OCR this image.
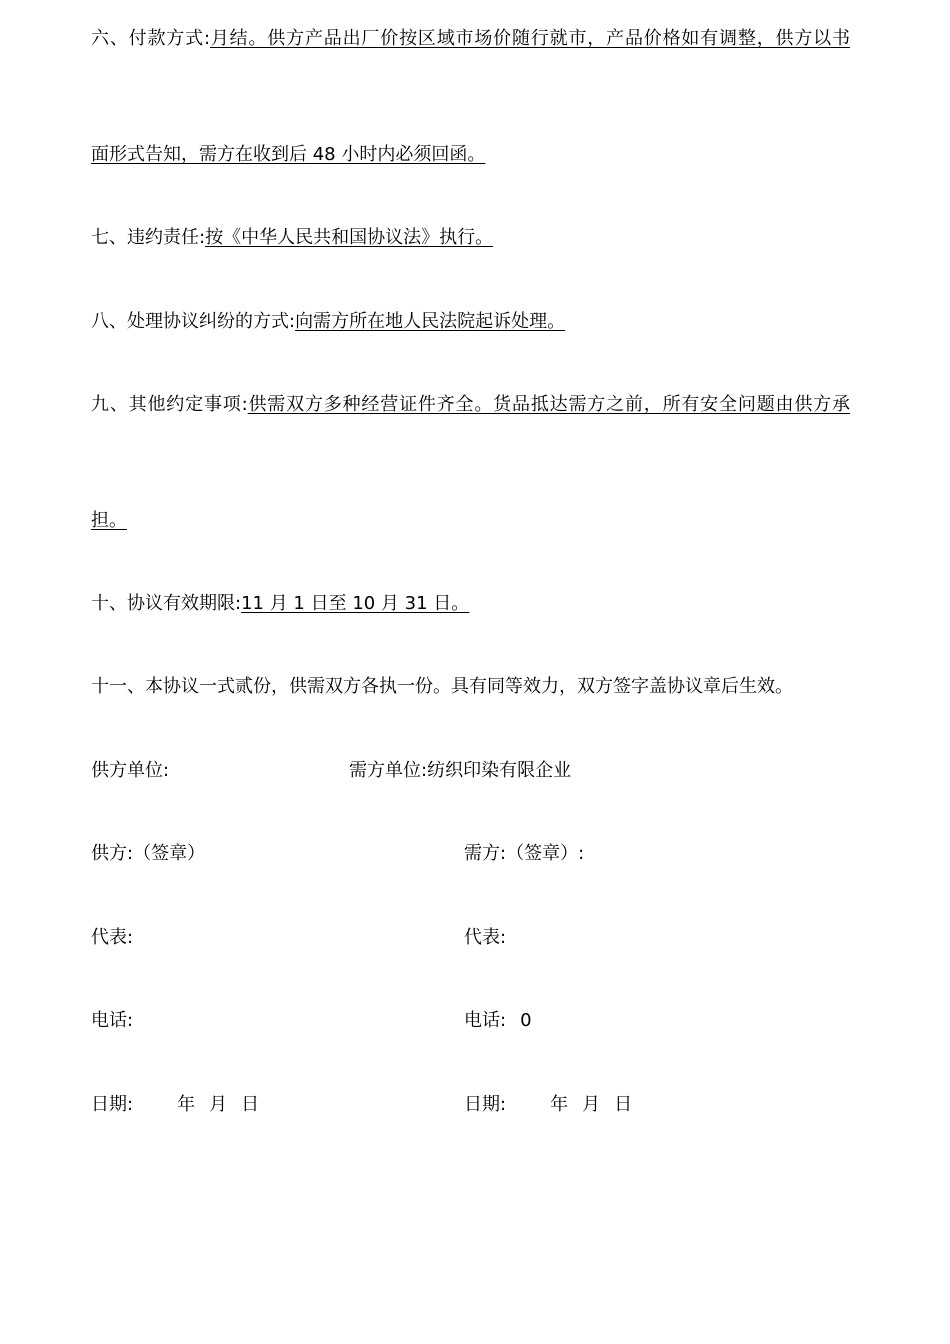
六、付款方式:月结。供方产品出厂价按区域市场价随行就市，产品价格如有调整，供方以书
面形式告知，需方在收到后 48 小时内必须回函。
七、违约责任:按《中华人民共和国协议法》执行。
八、处理协议纠纷的方式:向需方所在地人民法院起诉处理。
九、其他约定事项:供需双方多种经营证件齐全。货品抵达需方之前，所有安全问题由供方承
担。
十、协议有效期限:11 月 1 日至 10 月 31 日。
十一、本协议一式贰份，供需双方各执一份。具有同等效力，双方签字盖协议章后生效。
供方单位:	需方单位:纺织印染有限企业
供方:（签章）	需方:（签章）:
代表:	代表:
电话:	电话: 0
日期: 年 月 日	日期: 年 月 日
